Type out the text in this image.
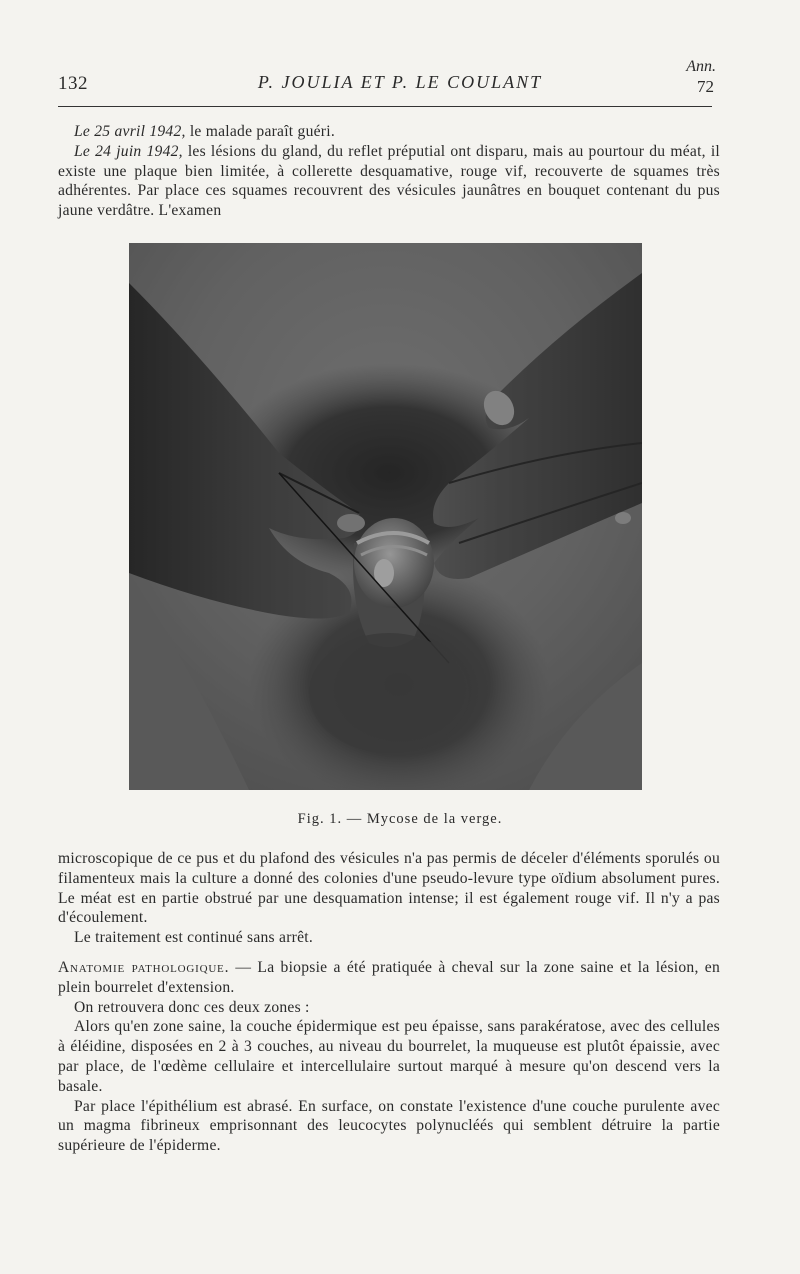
132	P. JOULIA ET P. LE COULANT
Ann.
72

Le 25 avril 1942, le malade paraît guéri.

Le 24 juin 1942, les lésions du gland, du reflet préputial ont disparu, mais au pourtour du méat, il existe une plaque bien limitée, à collerette desquamative, rouge vif, recouverte de squames très adhérentes. Par place ces squames recouvrent des vésicules jaunâtres en bouquet contenant du pus jaune verdâtre. L'examen

Fig. 1. — Mycose de la verge.

microscopique de ce pus et du plafond des vésicules n'a pas permis de déceler d'éléments sporulés ou filamenteux mais la culture a donné des colonies d'une pseudo-levure type oïdium absolument pures. Le méat est en partie obstrué par une desquamation intense; il est également rouge vif. Il n'y a pas d'écoulement.

Le traitement est continué sans arrêt.

Anatomie pathologique. — La biopsie a été pratiquée à cheval sur la zone saine et la lésion, en plein bourrelet d'extension.

On retrouvera donc ces deux zones :

Alors qu'en zone saine, la couche épidermique est peu épaisse, sans parakératose, avec des cellules à éléidine, disposées en 2 à 3 couches, au niveau du bourrelet, la muqueuse est plutôt épaissie, avec par place, de l'œdème cellulaire et intercellulaire surtout marqué à mesure qu'on descend vers la basale.

Par place l'épithélium est abrasé. En surface, on constate l'existence d'une couche purulente avec un magma fibrineux emprisonnant des leucocytes polynucléés qui semblent détruire la partie supérieure de l'épiderme.
